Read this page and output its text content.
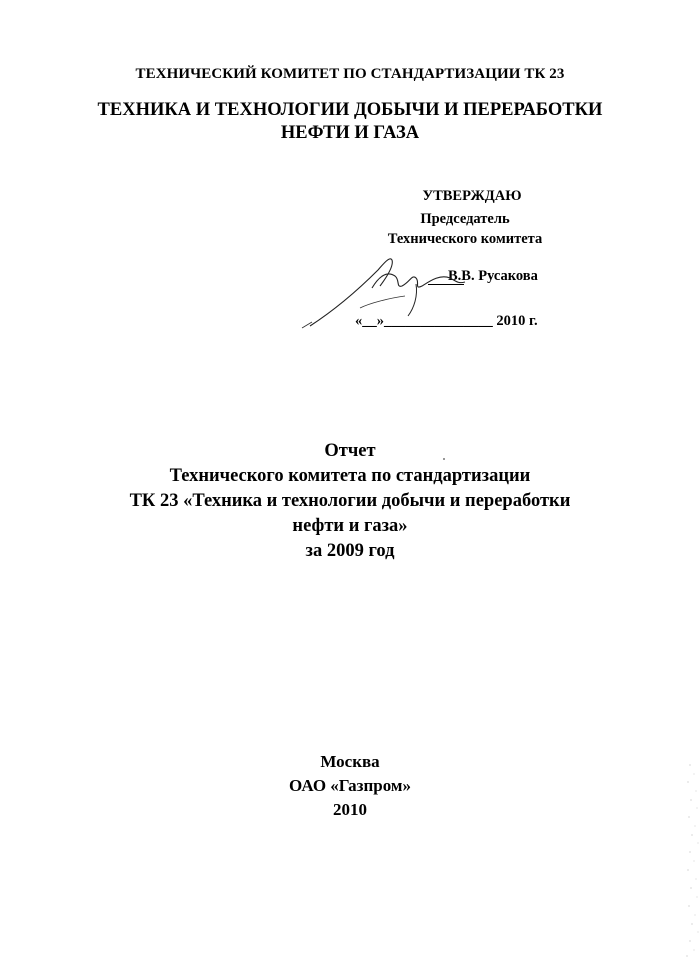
ТЕХНИЧЕСКИЙ КОМИТЕТ ПО СТАНДАРТИЗАЦИИ ТК 23
ТЕХНИКА И ТЕХНОЛОГИИ ДОБЫЧИ И ПЕРЕРАБОТКИ
НЕФТИ И ГАЗА
УТВЕРЖДАЮ
Председатель
Технического комитета
В.В. Русакова
«__»_______________ 2010 г.
Отчет
Технического комитета по стандартизации
ТК 23 «Техника и технологии добычи и переработки
нефти и газа»
за 2009 год
Москва
ОАО «Газпром»
2010
